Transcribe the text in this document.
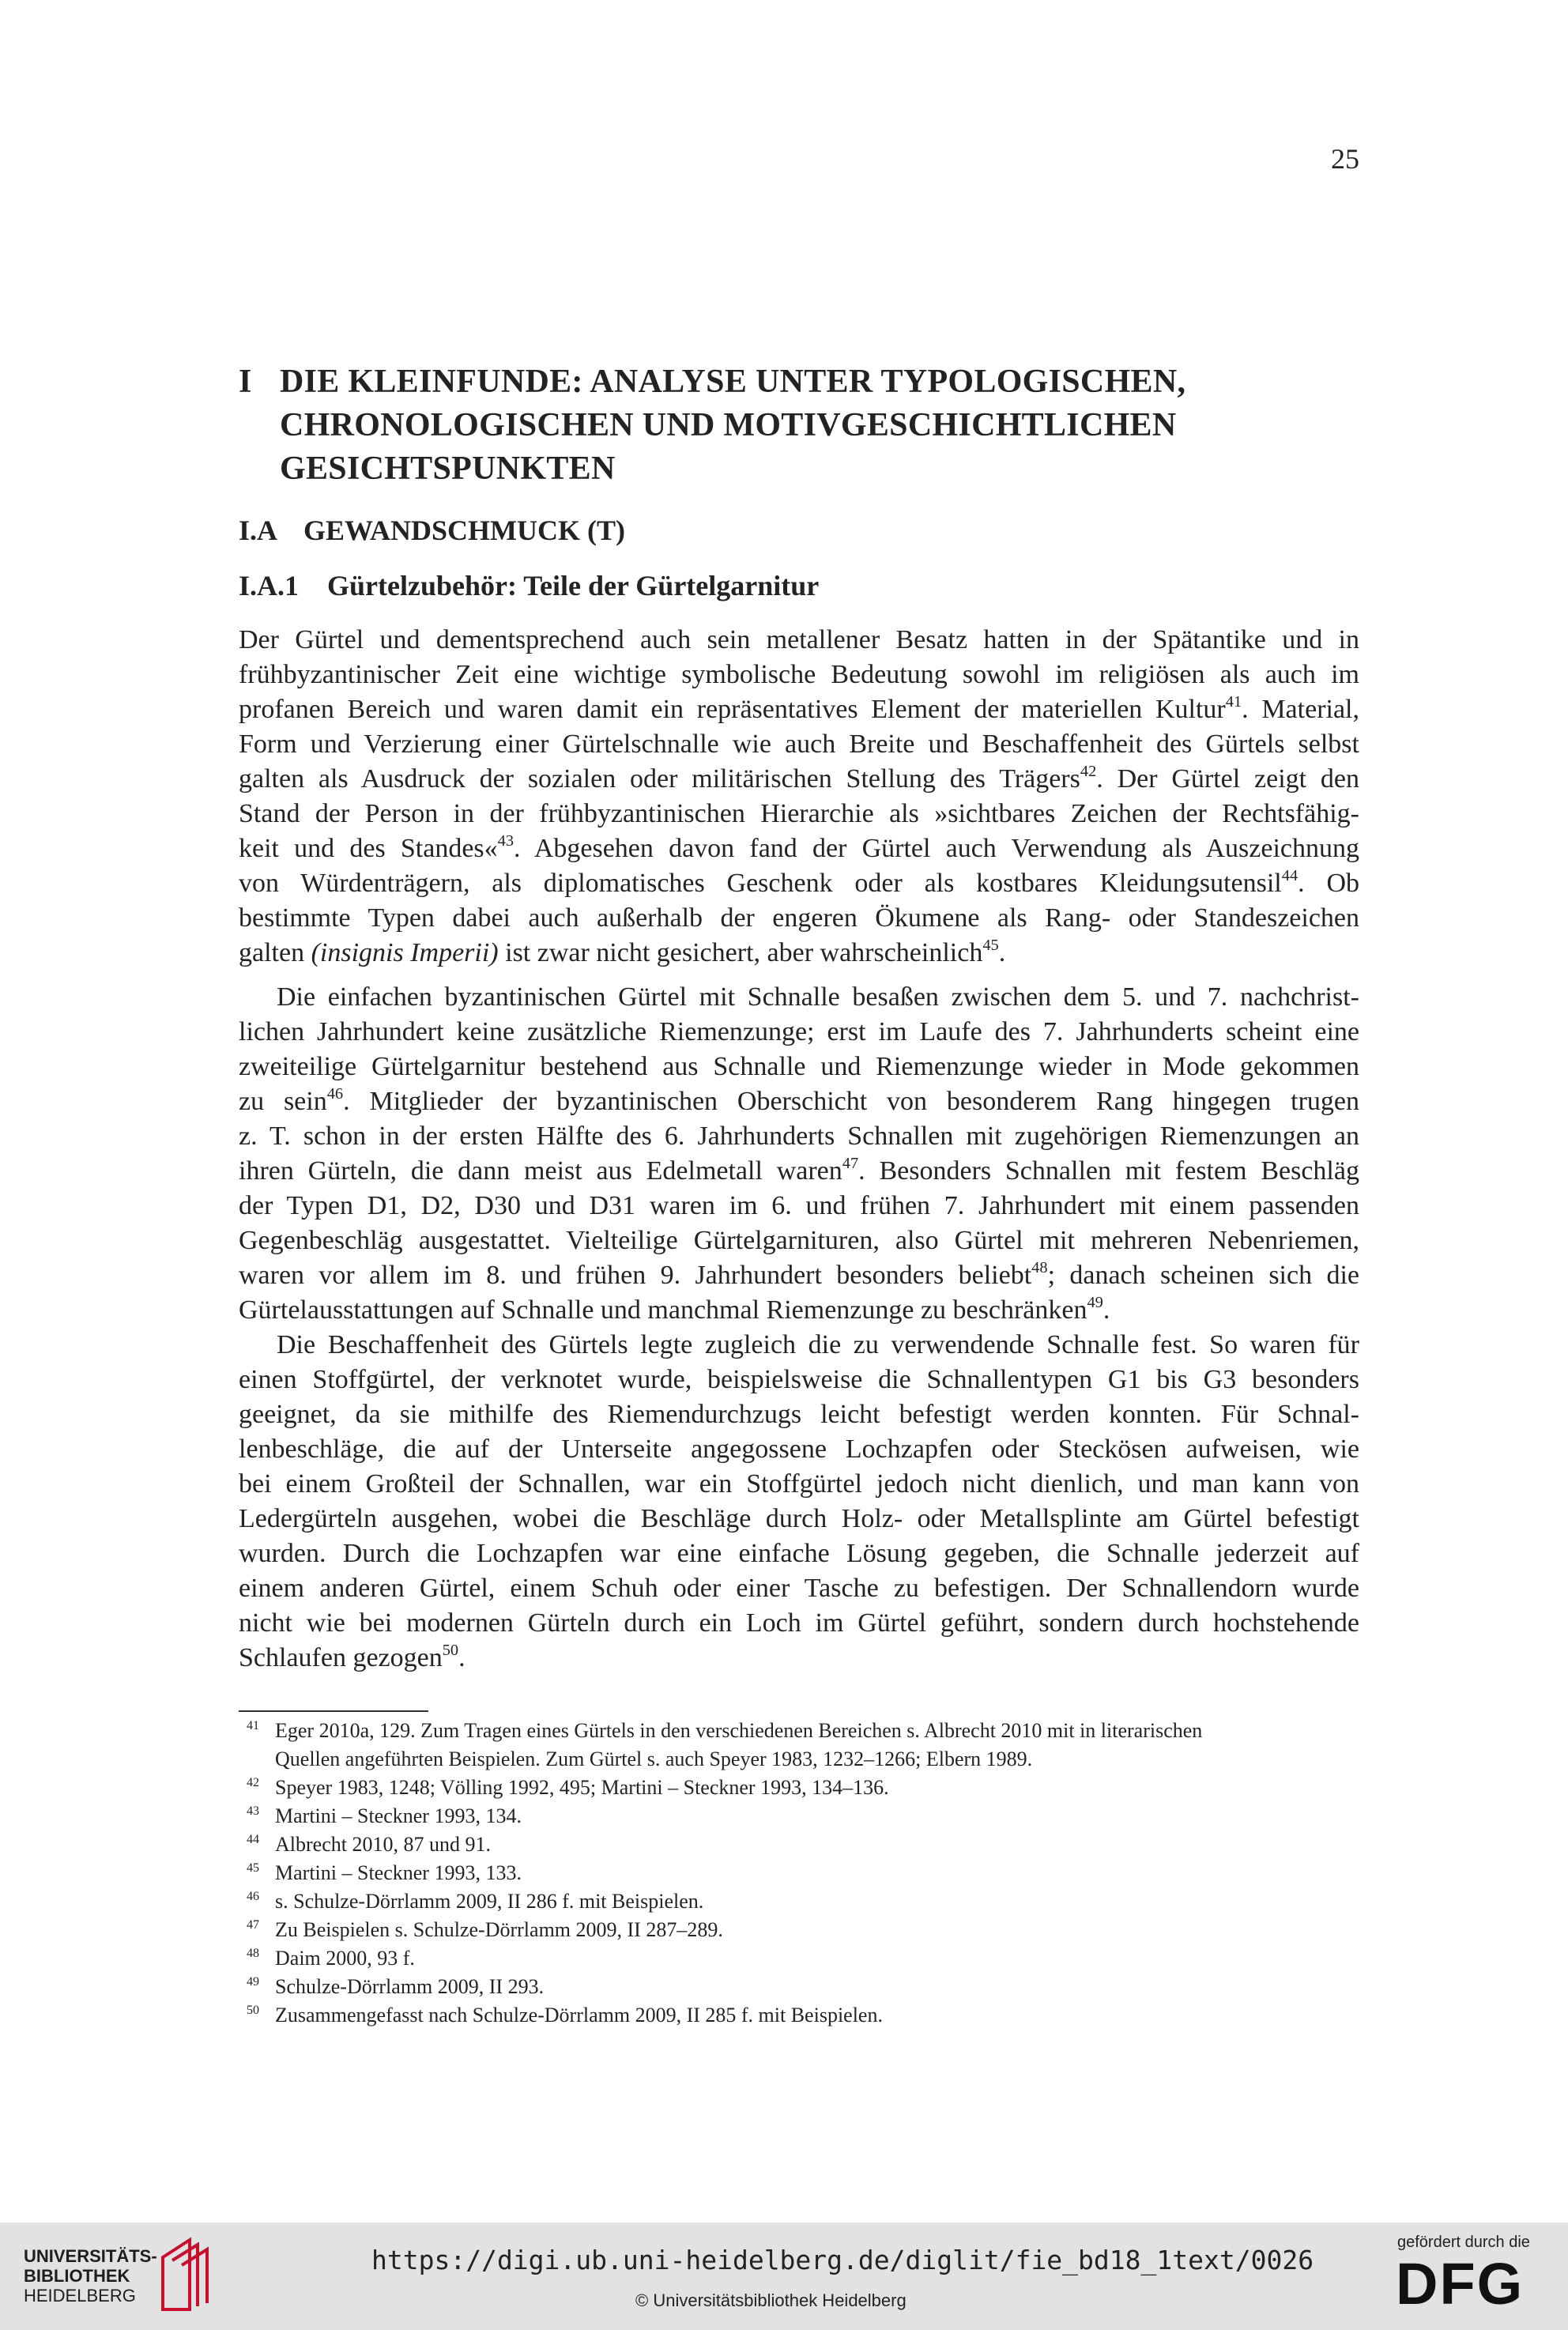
25
I DIE KLEINFUNDE: ANALYSE UNTER TYPOLOGISCHEN,
CHRONOLOGISCHEN UND MOTIVGESCHICHTLICHEN
GESICHTSPUNKTEN
I.A GEWANDSCHMUCK (T)
I.A.1 Gürtelzubehör: Teile der Gürtelgarnitur

Der Gürtel und dementsprechend auch sein metallener Besatz hatten in der Spätantike und in
frühbyzantinischer Zeit eine wichtige symbolische Bedeutung sowohl im religiösen als auch im
profanen Bereich und waren damit ein repräsentatives Element der materiellen Kultur$^{41}$. Material,
Form und Verzierung einer Gürtelschnalle wie auch Breite und Beschaffenheit des Gürtels selbst
galten als Ausdruck der sozialen oder militärischen Stellung des Trägers$^{42}$. Der Gürtel zeigt den
Stand der Person in der frühbyzantinischen Hierarchie als »sichtbares Zeichen der Rechtsfähig-
keit und des Standes«$^{43}$. Abgesehen davon fand der Gürtel auch Verwendung als Auszeichnung
von Würdenträgern, als diplomatisches Geschenk oder als kostbares Kleidungsutensil$^{44}$. Ob
bestimmte Typen dabei auch außerhalb der engeren Ökumene als Rang- oder Standeszeichen
galten (insignis Imperii) ist zwar nicht gesichert, aber wahrscheinlich$^{45}$.

Die einfachen byzantinischen Gürtel mit Schnalle besaßen zwischen dem 5. und 7. nachchrist-
lichen Jahrhundert keine zusätzliche Riemenzunge; erst im Laufe des 7. Jahrhunderts scheint eine
zweiteilige Gürtelgarnitur bestehend aus Schnalle und Riemenzunge wieder in Mode gekommen
zu sein$^{46}$. Mitglieder der byzantinischen Oberschicht von besonderem Rang hingegen trugen
z. T. schon in der ersten Hälfte des 6. Jahrhunderts Schnallen mit zugehörigen Riemenzungen an
ihren Gürteln, die dann meist aus Edelmetall waren$^{47}$. Besonders Schnallen mit festem Beschläg
der Typen D1, D2, D30 und D31 waren im 6. und frühen 7. Jahrhundert mit einem passenden
Gegenbeschläg ausgestattet. Vielteilige Gürtelgarnituren, also Gürtel mit mehreren Nebenriemen,
waren vor allem im 8. und frühen 9. Jahrhundert besonders beliebt$^{48}$; danach scheinen sich die
Gürtelausstattungen auf Schnalle und manchmal Riemenzunge zu beschränken$^{49}$.

Die Beschaffenheit des Gürtels legte zugleich die zu verwendende Schnalle fest. So waren für
einen Stoffgürtel, der verknotet wurde, beispielsweise die Schnallentypen G1 bis G3 besonders
geeignet, da sie mithilfe des Riemendurchzugs leicht befestigt werden konnten. Für Schnal-
lenbeschläge, die auf der Unterseite angegossene Lochzapfen oder Steckösen aufweisen, wie
bei einem Großteil der Schnallen, war ein Stoffgürtel jedoch nicht dienlich, und man kann von
Ledergürteln ausgehen, wobei die Beschläge durch Holz- oder Metallsplinte am Gürtel befestigt
wurden. Durch die Lochzapfen war eine einfache Lösung gegeben, die Schnalle jederzeit auf
einem anderen Gürtel, einem Schuh oder einer Tasche zu befestigen. Der Schnallendorn wurde
nicht wie bei modernen Gürteln durch ein Loch im Gürtel geführt, sondern durch hochstehende
Schlaufen gezogen$^{50}$.

41 Eger 2010a, 129. Zum Tragen eines Gürtels in den verschiedenen Bereichen s. Albrecht 2010 mit in literarischen
Quellen angeführten Beispielen. Zum Gürtel s. auch Speyer 1983, 1232–1266; Elbern 1989.
42 Speyer 1983, 1248; Völling 1992, 495; Martini – Steckner 1993, 134–136.
43 Martini – Steckner 1993, 134.
44 Albrecht 2010, 87 und 91.
45 Martini – Steckner 1993, 133.
46 s. Schulze-Dörrlamm 2009, II 286 f. mit Beispielen.
47 Zu Beispielen s. Schulze-Dörrlamm 2009, II 287–289.
48 Daim 2000, 93 f.
49 Schulze-Dörrlamm 2009, II 293.
50 Zusammengefasst nach Schulze-Dörrlamm 2009, II 285 f. mit Beispielen.
UNIVERSITÄTS-
BIBLIOTHEK
HEIDELBERG
https://digi.ub.uni-heidelberg.de/diglit/fie_bd18_1text/0026
© Universitätsbibliothek Heidelberg
gefördert durch die
DFG
